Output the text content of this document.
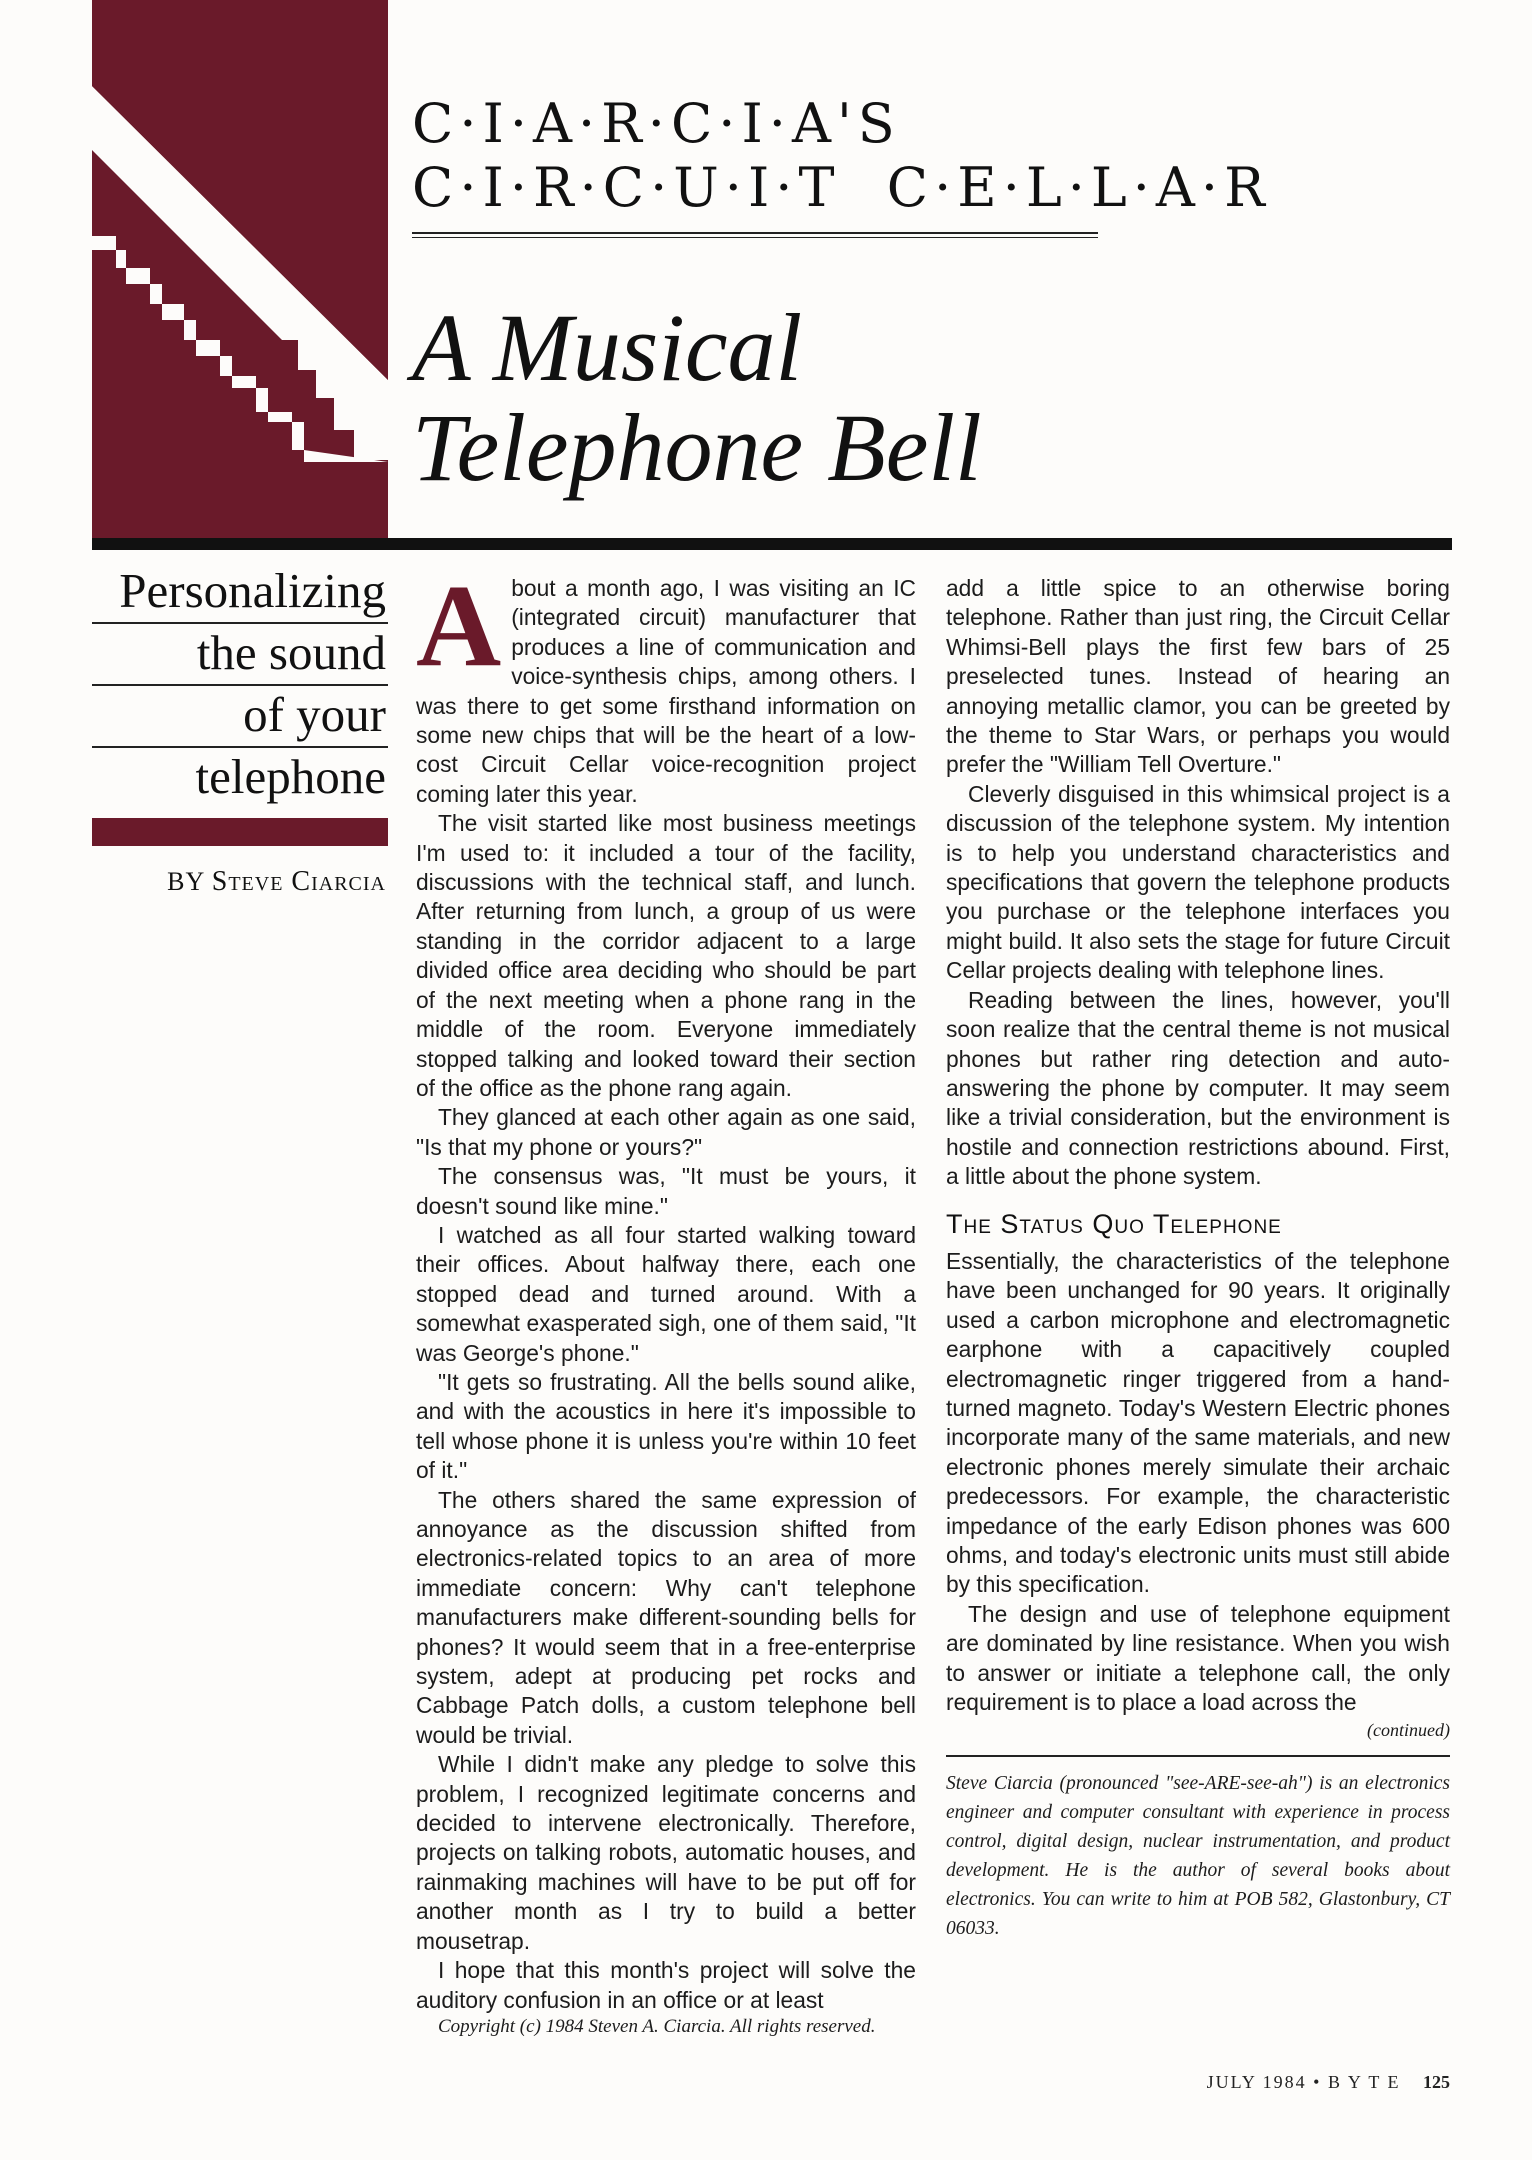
C·I·A·R·C·I·A'S
C·I·R·C·U·I·T  C·E·L·L·A·R
A Musical
Telephone Bell
Personalizing
the sound
of your
telephone
BY Steve Ciarcia

About a month ago, I was visiting an IC (integrated circuit) manufacturer that produces a line of communication and voice-synthesis chips, among others. I was there to get some firsthand information on some new chips that will be the heart of a low-cost Circuit Cellar voice-recognition project coming later this year.

The visit started like most business meetings I'm used to: it included a tour of the facility, discussions with the technical staff, and lunch. After returning from lunch, a group of us were standing in the corridor adjacent to a large divided office area deciding who should be part of the next meeting when a phone rang in the middle of the room. Everyone immediately stopped talking and looked toward their section of the office as the phone rang again.

They glanced at each other again as one said, "Is that my phone or yours?"

The consensus was, "It must be yours, it doesn't sound like mine."

I watched as all four started walking toward their offices. About halfway there, each one stopped dead and turned around. With a somewhat exasperated sigh, one of them said, "It was George's phone."

"It gets so frustrating. All the bells sound alike, and with the acoustics in here it's impossible to tell whose phone it is unless you're within 10 feet of it."

The others shared the same expression of annoyance as the discussion shifted from electronics-related topics to an area of more immediate concern: Why can't telephone manufacturers make different-sounding bells for phones? It would seem that in a free-enterprise system, adept at producing pet rocks and Cabbage Patch dolls, a custom telephone bell would be trivial.

While I didn't make any pledge to solve this problem, I recognized legitimate concerns and decided to intervene electronically. Therefore, projects on talking robots, automatic houses, and rainmaking machines will have to be put off for another month as I try to build a better mousetrap.

I hope that this month's project will solve the auditory confusion in an office or at least

Copyright (c) 1984 Steven A. Ciarcia. All rights reserved.

add a little spice to an otherwise boring telephone. Rather than just ring, the Circuit Cellar Whimsi-Bell plays the first few bars of 25 preselected tunes. Instead of hearing an annoying metallic clamor, you can be greeted by the theme to Star Wars, or perhaps you would prefer the "William Tell Overture."

Cleverly disguised in this whimsical project is a discussion of the telephone system. My intention is to help you understand characteristics and specifications that govern the telephone products you purchase or the telephone interfaces you might build. It also sets the stage for future Circuit Cellar projects dealing with telephone lines.

Reading between the lines, however, you'll soon realize that the central theme is not musical phones but rather ring detection and auto-answering the phone by computer. It may seem like a trivial consideration, but the environment is hostile and connection restrictions abound. First, a little about the phone system.

The Status Quo Telephone

Essentially, the characteristics of the telephone have been unchanged for 90 years. It originally used a carbon microphone and electromagnetic earphone with a capacitively coupled electromagnetic ringer triggered from a hand-turned magneto. Today's Western Electric phones incorporate many of the same materials, and new electronic phones merely simulate their archaic predecessors. For example, the characteristic impedance of the early Edison phones was 600 ohms, and today's electronic units must still abide by this specification.

The design and use of telephone equipment are dominated by line resistance. When you wish to answer or initiate a telephone call, the only requirement is to place a load across the

(continued)
Steve Ciarcia (pronounced "see-ARE-see-ah") is an electronics engineer and computer consultant with experience in process control, digital design, nuclear instrumentation, and product development. He is the author of several books about electronics. You can write to him at POB 582, Glastonbury, CT 06033.
JULY 1984 • B Y T E 125
